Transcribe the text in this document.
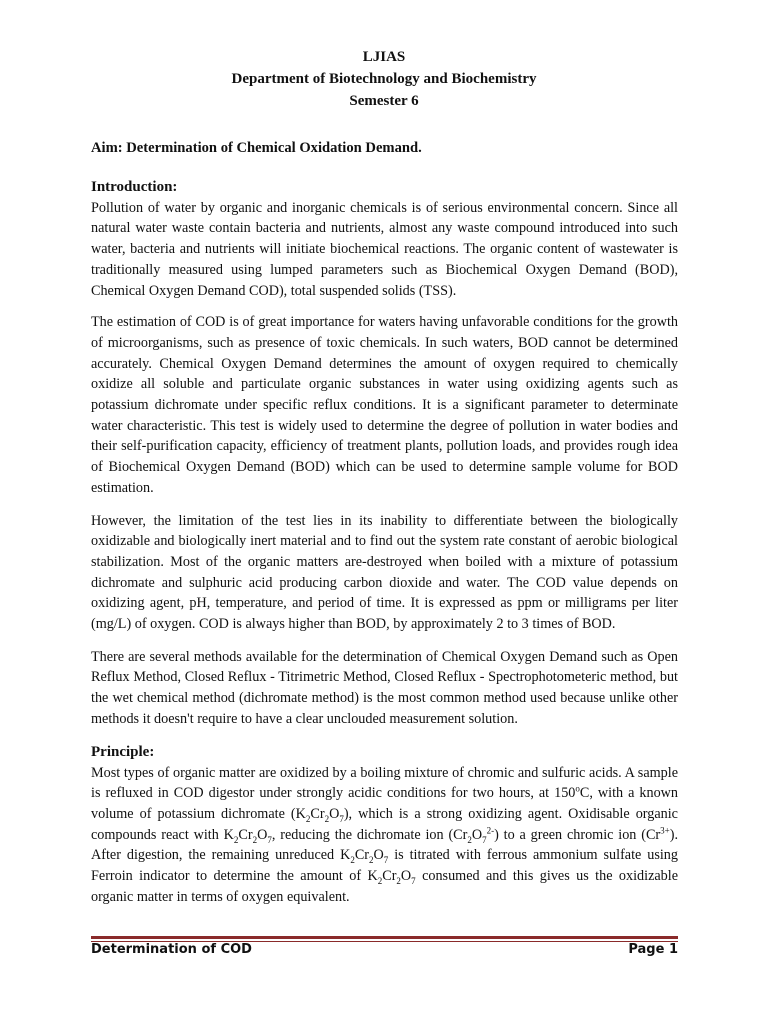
LJIAS
Department of Biotechnology and Biochemistry
Semester 6
Aim: Determination of Chemical Oxidation Demand.
Introduction:

Pollution of water by organic and inorganic chemicals is of serious environmental concern. Since all natural water waste contain bacteria and nutrients, almost any waste compound introduced into such water, bacteria and nutrients will initiate biochemical reactions. The organic content of wastewater is traditionally measured using lumped parameters such as Biochemical Oxygen Demand (BOD), Chemical Oxygen Demand COD), total suspended solids (TSS).

The estimation of COD is of great importance for waters having unfavorable conditions for the growth of microorganisms, such as presence of toxic chemicals. In such waters, BOD cannot be determined accurately. Chemical Oxygen Demand determines the amount of oxygen required to chemically oxidize all soluble and particulate organic substances in water using oxidizing agents such as potassium dichromate under specific reflux conditions. It is a significant parameter to determinate water characteristic. This test is widely used to determine the degree of pollution in water bodies and their self-purification capacity, efficiency of treatment plants, pollution loads, and provides rough idea of Biochemical Oxygen Demand (BOD) which can be used to determine sample volume for BOD estimation.

However, the limitation of the test lies in its inability to differentiate between the biologically oxidizable and biologically inert material and to find out the system rate constant of aerobic biological stabilization. Most of the organic matters are-destroyed when boiled with a mixture of potassium dichromate and sulphuric acid producing carbon dioxide and water. The COD value depends on oxidizing agent, pH, temperature, and period of time. It is expressed as ppm or milligrams per liter (mg/L) of oxygen. COD is always higher than BOD, by approximately 2 to 3 times of BOD.

There are several methods available for the determination of Chemical Oxygen Demand such as Open Reflux Method, Closed Reflux - Titrimetric Method, Closed Reflux - Spectrophotometeric method, but the wet chemical method (dichromate method) is the most common method used because unlike other methods it doesn't require to have a clear unclouded measurement solution.

Principle:

Most types of organic matter are oxidized by a boiling mixture of chromic and sulfuric acids. A sample is refluxed in COD digestor under strongly acidic conditions for two hours, at 150$^o$C, with a known volume of potassium dichromate $(K_2Cr_2O_7)$, which is a strong oxidizing agent. Oxidisable organic compounds react with $K_2Cr_2O_7$, reducing the dichromate ion $(Cr_2O_7^{2-})$ to a green chromic ion $(Cr^{3+})$. After digestion, the remaining unreduced $K_2Cr_2O_7$ is titrated with ferrous ammonium sulfate using Ferroin indicator to determine the amount of $K_2Cr_2O_7$ consumed and this gives us the oxidizable organic matter in terms of oxygen equivalent.

Determination of COD	Page 1
